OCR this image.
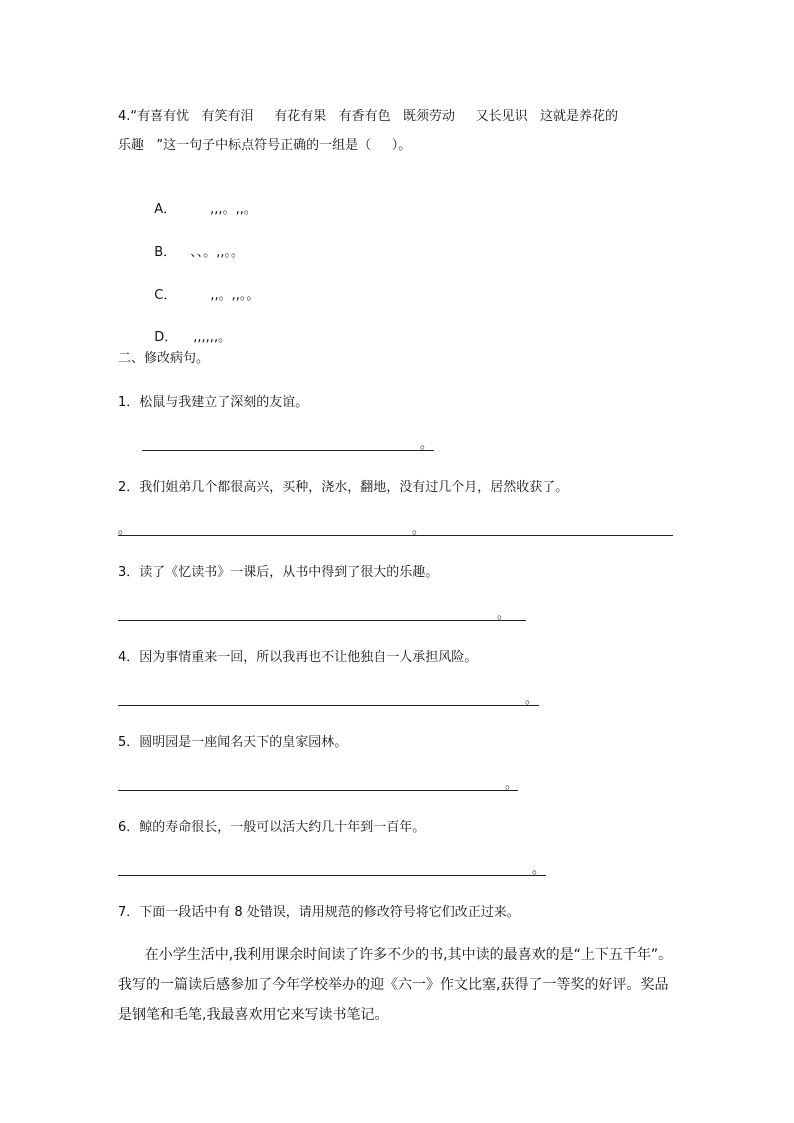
4.“有喜有忧   有笑有泪     有花有果   有香有色   既须劳动     又长见识   这就是养花的
乐趣   ”这一句子中标点符号正确的一组是（     ）。

A．	,,,。,,。

B． 、、。,,。。

C．	,,。,,。。

D． ,,,,,,。

二、修改病句。
1．松鼠与我建立了深刻的友谊。
。
2．我们姐弟几个都很高兴，买种，浇水，翻地，没有过几个月，居然收获了。
。	。
3．读了《忆读书》一课后，从书中得到了很大的乐趣。
。
4．因为事情重来一回，所以我再也不让他独自一人承担风险。
。
5．圆明园是一座闻名天下的皇家园林。
。
6．鲸的寿命很长，一般可以活大约几十年到一百年。
。
7．下面一段话中有 8 处错误，请用规范的修改符号将它们改正过来。
在小学生活中,我利用课余时间读了许多不少的书,其中读的最喜欢的是“上下五千年”。
我写的一篇读后感参加了今年学校举办的迎《六一》作文比塞,获得了一等奖的好评。奖品
是钢笔和毛笔,我最喜欢用它来写读书笔记。
